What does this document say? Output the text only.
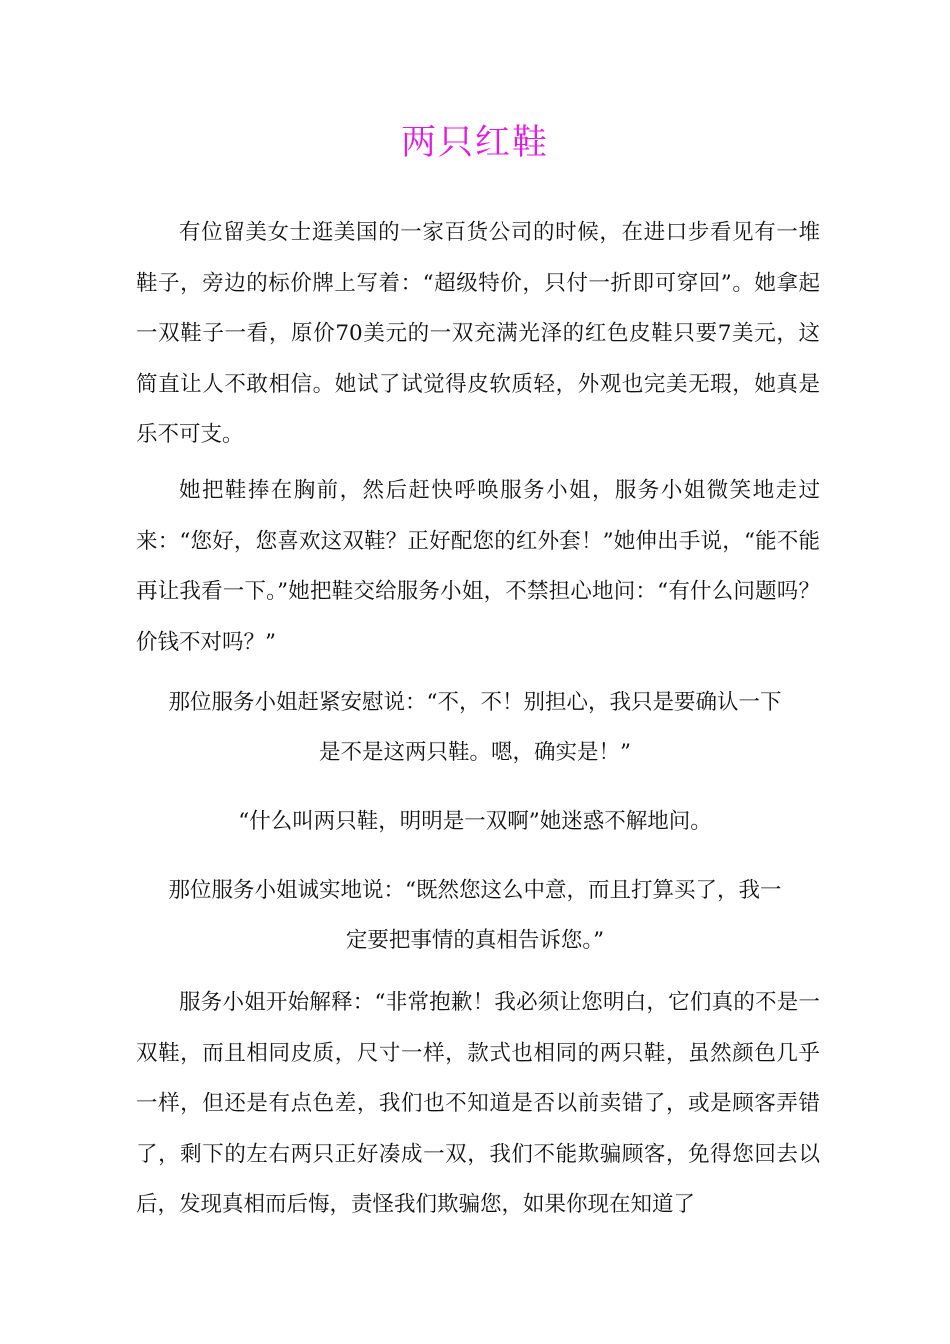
两只红鞋

有位留美女士逛美国的一家百货公司的时候，在进口步看见有一堆鞋子，旁边的标价牌上写着：“超级特价，只付一折即可穿回”。她拿起一双鞋子一看，原价70美元的一双充满光泽的红色皮鞋只要7美元，这简直让人不敢相信。她试了试觉得皮软质轻，外观也完美无瑕，她真是乐不可支。

她把鞋捧在胸前，然后赶快呼唤服务小姐，服务小姐微笑地走过来：“您好，您喜欢这双鞋？正好配您的红外套！”她伸出手说，“能不能再让我看一下。”她把鞋交给服务小姐，不禁担心地问：“有什么问题吗？价钱不对吗？”

那位服务小姐赶紧安慰说：“不，不！别担心，我只是要确认一下
是不是这两只鞋。嗯，确实是！”
“什么叫两只鞋，明明是一双啊”她迷惑不解地问。
那位服务小姐诚实地说：“既然您这么中意，而且打算买了，我一
定要把事情的真相告诉您。”

服务小姐开始解释：“非常抱歉！我必须让您明白，它们真的不是一双鞋，而且相同皮质，尺寸一样，款式也相同的两只鞋，虽然颜色几乎一样，但还是有点色差，我们也不知道是否以前卖错了，或是顾客弄错了，剩下的左右两只正好凑成一双，我们不能欺骗顾客，免得您回去以后，发现真相而后悔，责怪我们欺骗您，如果你现在知道了
